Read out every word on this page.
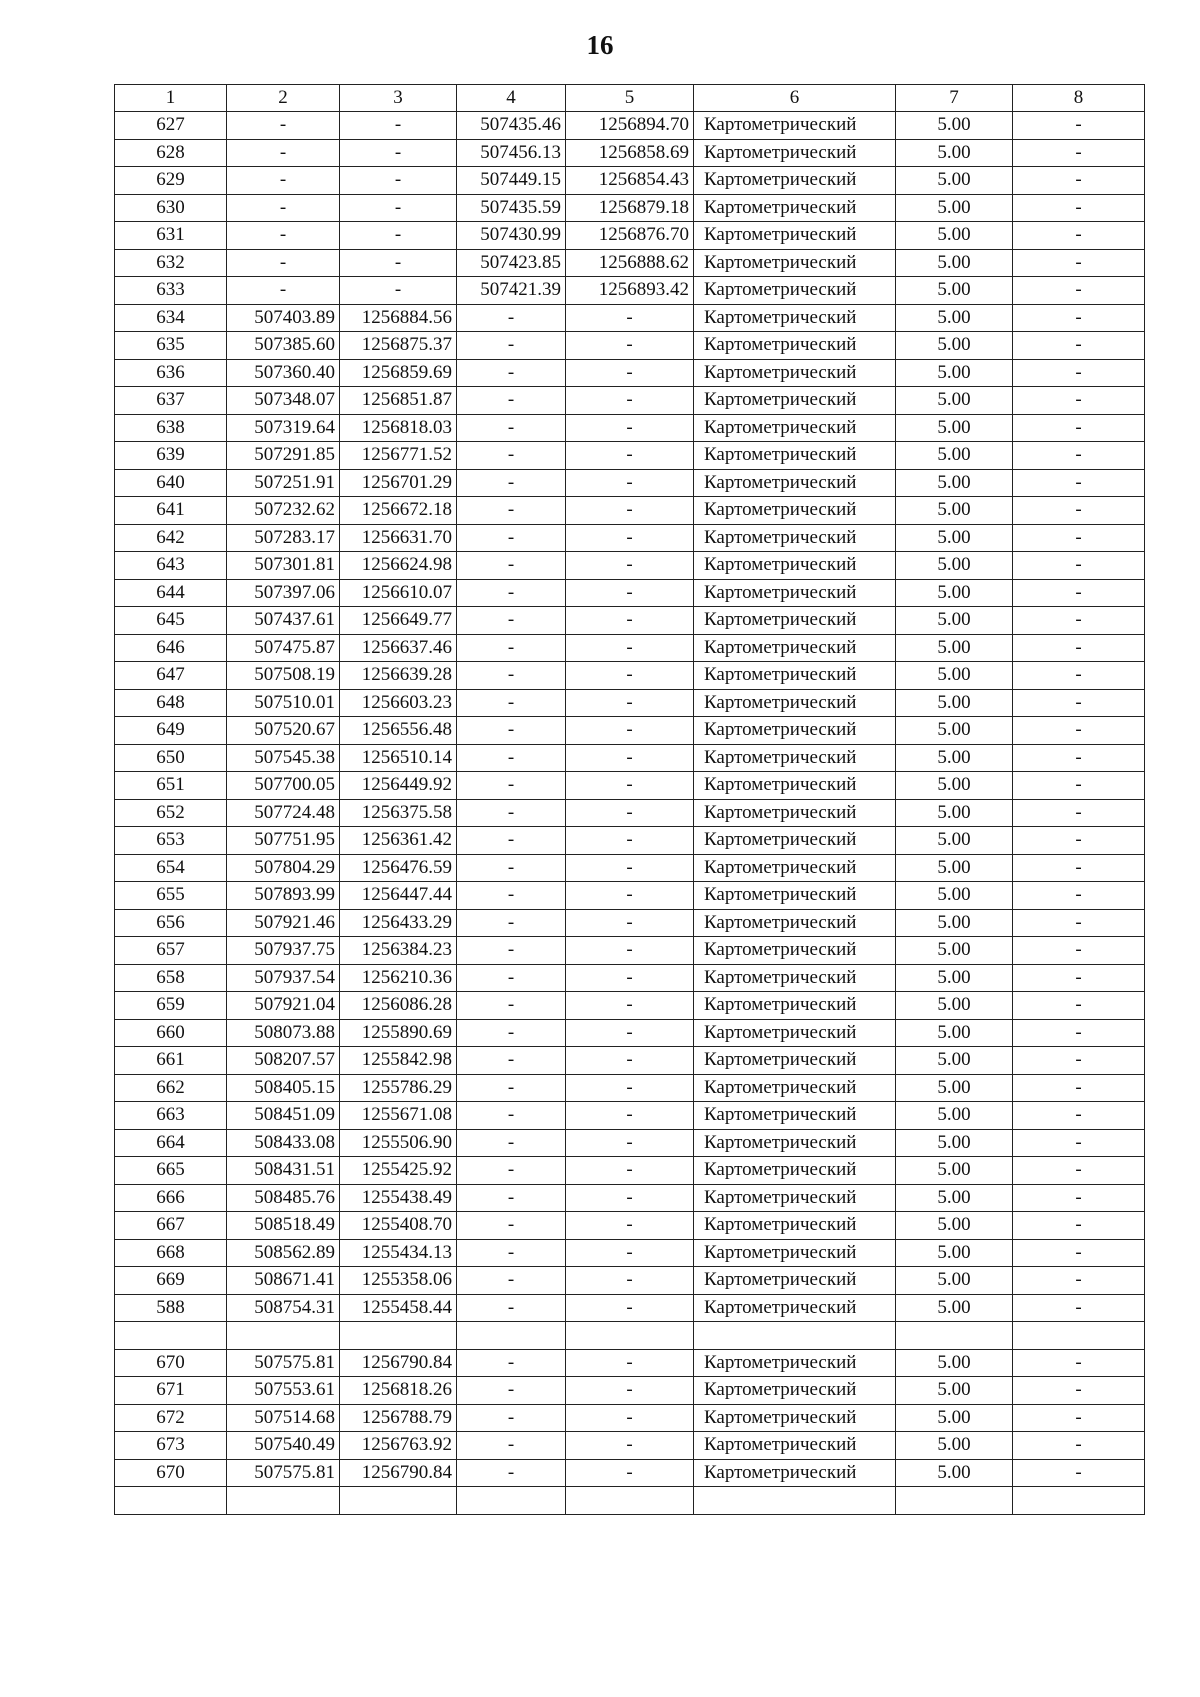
16
1	2	3	4	5	6	7	8
627	-	-	507435.46	1256894.70	Картометрический	5.00	-
628	-	-	507456.13	1256858.69	Картометрический	5.00	-
629	-	-	507449.15	1256854.43	Картометрический	5.00	-
630	-	-	507435.59	1256879.18	Картометрический	5.00	-
631	-	-	507430.99	1256876.70	Картометрический	5.00	-
632	-	-	507423.85	1256888.62	Картометрический	5.00	-
633	-	-	507421.39	1256893.42	Картометрический	5.00	-
634	507403.89	1256884.56	-	-	Картометрический	5.00	-
635	507385.60	1256875.37	-	-	Картометрический	5.00	-
636	507360.40	1256859.69	-	-	Картометрический	5.00	-
637	507348.07	1256851.87	-	-	Картометрический	5.00	-
638	507319.64	1256818.03	-	-	Картометрический	5.00	-
639	507291.85	1256771.52	-	-	Картометрический	5.00	-
640	507251.91	1256701.29	-	-	Картометрический	5.00	-
641	507232.62	1256672.18	-	-	Картометрический	5.00	-
642	507283.17	1256631.70	-	-	Картометрический	5.00	-
643	507301.81	1256624.98	-	-	Картометрический	5.00	-
644	507397.06	1256610.07	-	-	Картометрический	5.00	-
645	507437.61	1256649.77	-	-	Картометрический	5.00	-
646	507475.87	1256637.46	-	-	Картометрический	5.00	-
647	507508.19	1256639.28	-	-	Картометрический	5.00	-
648	507510.01	1256603.23	-	-	Картометрический	5.00	-
649	507520.67	1256556.48	-	-	Картометрический	5.00	-
650	507545.38	1256510.14	-	-	Картометрический	5.00	-
651	507700.05	1256449.92	-	-	Картометрический	5.00	-
652	507724.48	1256375.58	-	-	Картометрический	5.00	-
653	507751.95	1256361.42	-	-	Картометрический	5.00	-
654	507804.29	1256476.59	-	-	Картометрический	5.00	-
655	507893.99	1256447.44	-	-	Картометрический	5.00	-
656	507921.46	1256433.29	-	-	Картометрический	5.00	-
657	507937.75	1256384.23	-	-	Картометрический	5.00	-
658	507937.54	1256210.36	-	-	Картометрический	5.00	-
659	507921.04	1256086.28	-	-	Картометрический	5.00	-
660	508073.88	1255890.69	-	-	Картометрический	5.00	-
661	508207.57	1255842.98	-	-	Картометрический	5.00	-
662	508405.15	1255786.29	-	-	Картометрический	5.00	-
663	508451.09	1255671.08	-	-	Картометрический	5.00	-
664	508433.08	1255506.90	-	-	Картометрический	5.00	-
665	508431.51	1255425.92	-	-	Картометрический	5.00	-
666	508485.76	1255438.49	-	-	Картометрический	5.00	-
667	508518.49	1255408.70	-	-	Картометрический	5.00	-
668	508562.89	1255434.13	-	-	Картометрический	5.00	-
669	508671.41	1255358.06	-	-	Картометрический	5.00	-
588	508754.31	1255458.44	-	-	Картометрический	5.00	-

670	507575.81	1256790.84	-	-	Картометрический	5.00	-
671	507553.61	1256818.26	-	-	Картометрический	5.00	-
672	507514.68	1256788.79	-	-	Картометрический	5.00	-
673	507540.49	1256763.92	-	-	Картометрический	5.00	-
670	507575.81	1256790.84	-	-	Картометрический	5.00	-
